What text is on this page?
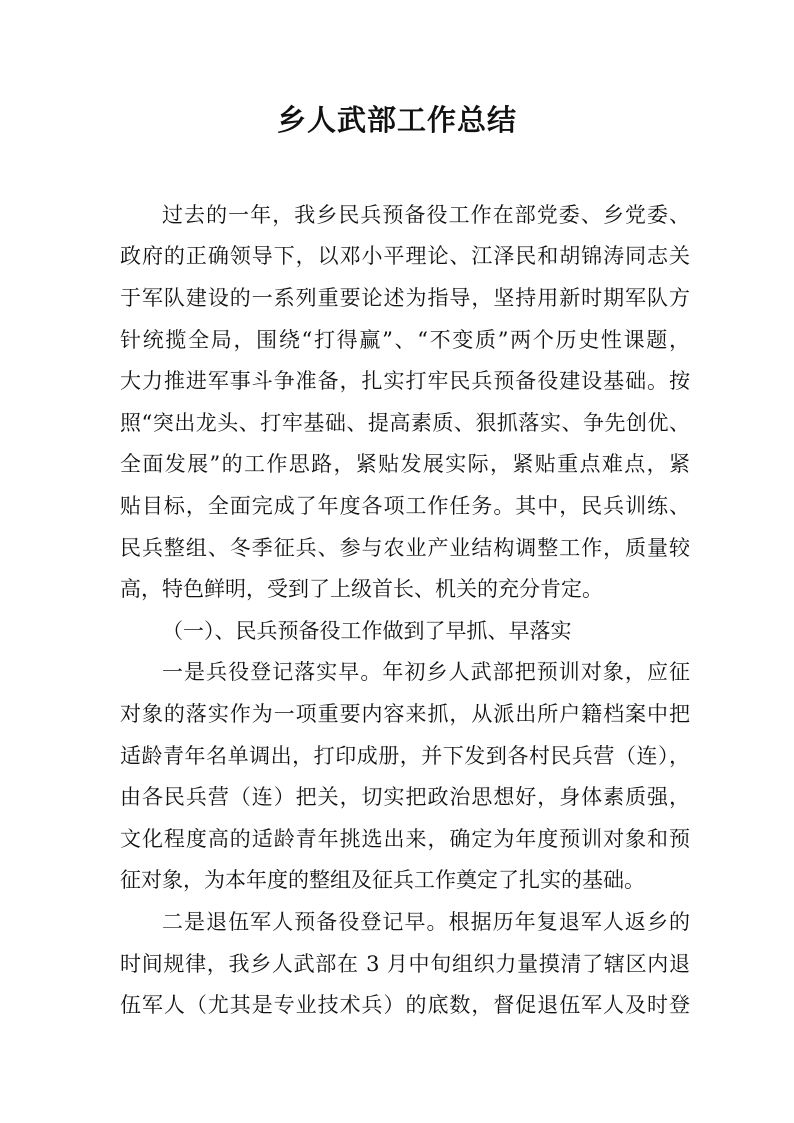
乡人武部工作总结
过去的一年，我乡民兵预备役工作在部党委、乡党委、
政府的正确领导下，以邓小平理论、江泽民和胡锦涛同志关
于军队建设的一系列重要论述为指导，坚持用新时期军队方
针统揽全局，围绕“打得赢”、“不变质”两个历史性课题，
大力推进军事斗争准备，扎实打牢民兵预备役建设基础。按
照“突出龙头、打牢基础、提高素质、狠抓落实、争先创优、
全面发展”的工作思路，紧贴发展实际，紧贴重点难点，紧
贴目标，全面完成了年度各项工作任务。其中，民兵训练、
民兵整组、冬季征兵、参与农业产业结构调整工作，质量较
高，特色鲜明，受到了上级首长、机关的充分肯定。
（一）、民兵预备役工作做到了早抓、早落实
一是兵役登记落实早。年初乡人武部把预训对象，应征
对象的落实作为一项重要内容来抓，从派出所户籍档案中把
适龄青年名单调出，打印成册，并下发到各村民兵营（连），
由各民兵营（连）把关，切实把政治思想好，身体素质强，
文化程度高的适龄青年挑选出来，确定为年度预训对象和预
征对象，为本年度的整组及征兵工作奠定了扎实的基础。
二是退伍军人预备役登记早。根据历年复退军人返乡的
时间规律，我乡人武部在 3 月中旬组织力量摸清了辖区内退
伍军人（尤其是专业技术兵）的底数，督促退伍军人及时登
